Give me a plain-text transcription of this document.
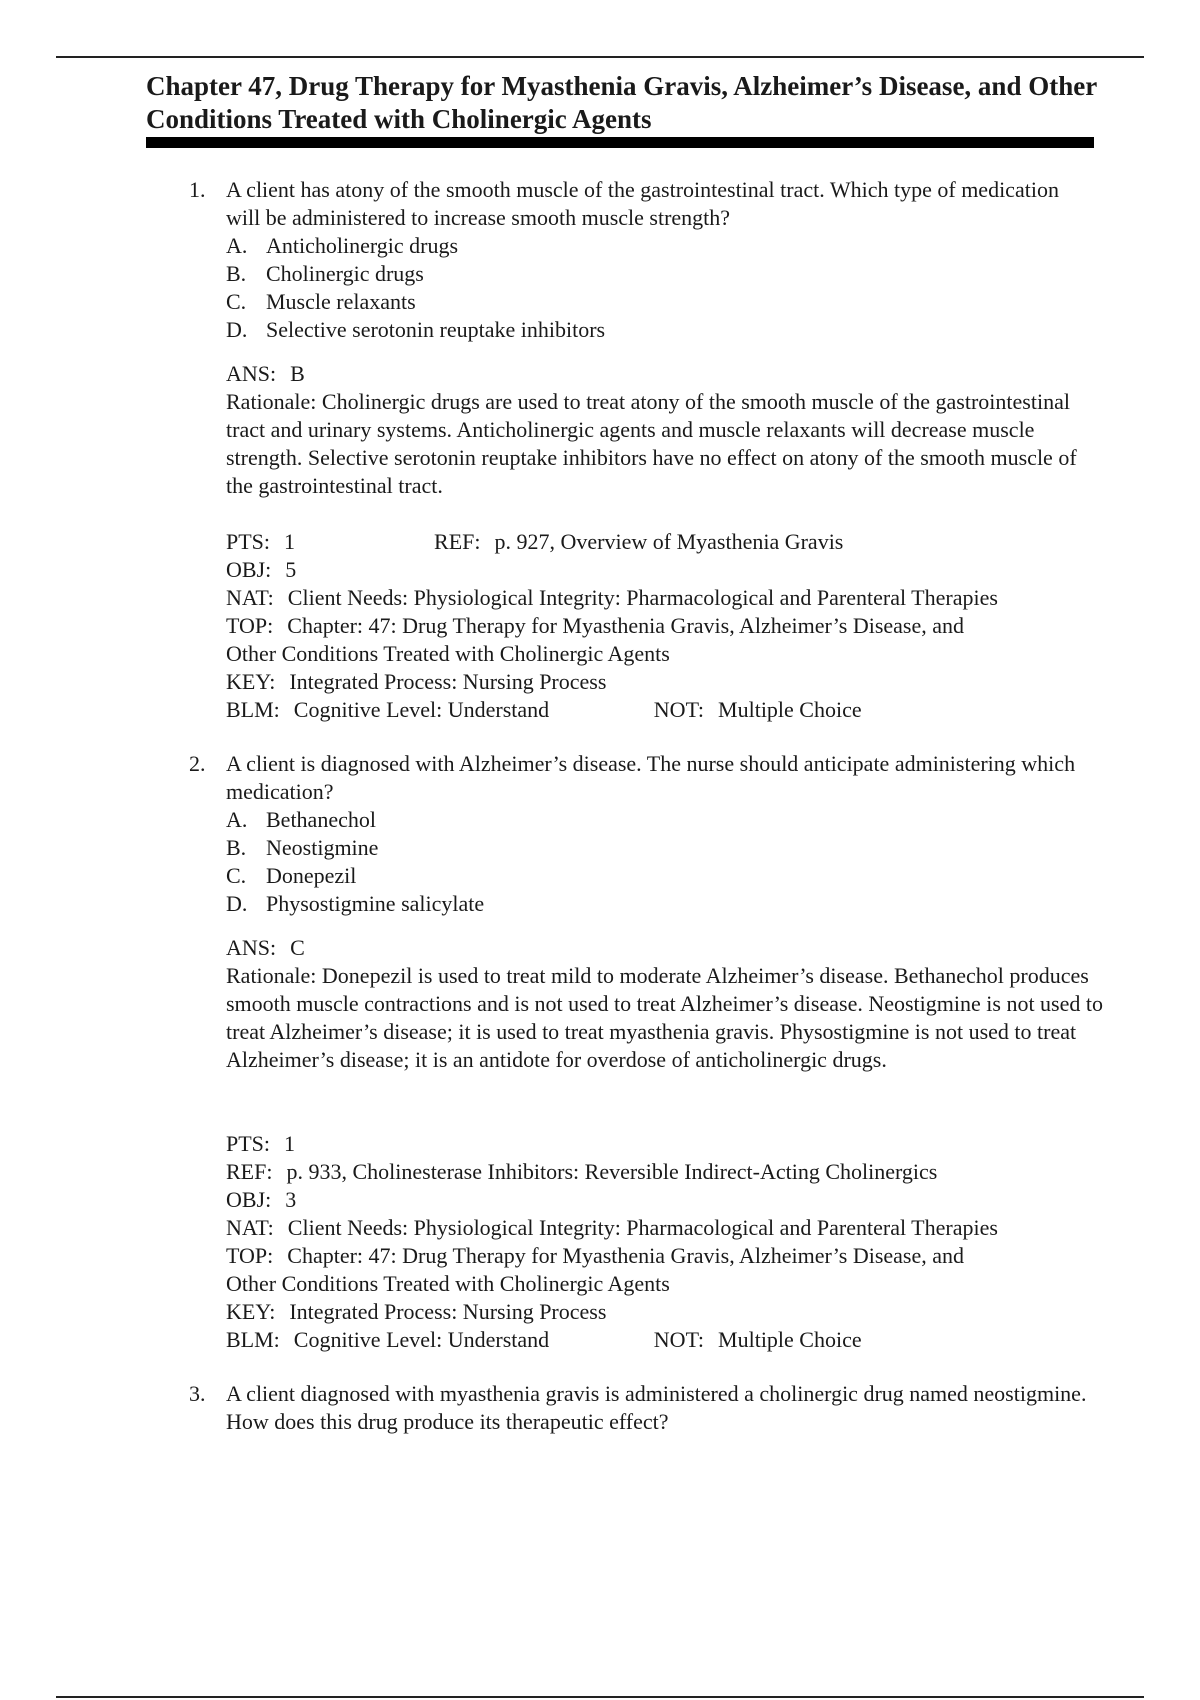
Chapter 47, Drug Therapy for Myasthenia Gravis, Alzheimer’s Disease, and Other Conditions Treated with Cholinergic Agents
1. A client has atony of the smooth muscle of the gastrointestinal tract. Which type of medication will be administered to increase smooth muscle strength?
A. Anticholinergic drugs
B. Cholinergic drugs
C. Muscle relaxants
D. Selective serotonin reuptake inhibitors
ANS: B
Rationale: Cholinergic drugs are used to treat atony of the smooth muscle of the gastrointestinal tract and urinary systems. Anticholinergic agents and muscle relaxants will decrease muscle strength. Selective serotonin reuptake inhibitors have no effect on atony of the smooth muscle of the gastrointestinal tract.
PTS: 1	REF: p. 927, Overview of Myasthenia Gravis
OBJ: 5
NAT: Client Needs: Physiological Integrity: Pharmacological and Parenteral Therapies
TOP: Chapter: 47: Drug Therapy for Myasthenia Gravis, Alzheimer’s Disease, and
Other Conditions Treated with Cholinergic Agents
KEY: Integrated Process: Nursing Process
BLM: Cognitive Level: Understand	NOT: Multiple Choice
2. A client is diagnosed with Alzheimer’s disease. The nurse should anticipate administering which medication?
A. Bethanechol
B. Neostigmine
C. Donepezil
D. Physostigmine salicylate
ANS: C
Rationale: Donepezil is used to treat mild to moderate Alzheimer’s disease. Bethanechol produces smooth muscle contractions and is not used to treat Alzheimer’s disease. Neostigmine is not used to treat Alzheimer’s disease; it is used to treat myasthenia gravis. Physostigmine is not used to treat Alzheimer’s disease; it is an antidote for overdose of anticholinergic drugs.
PTS: 1
REF: p. 933, Cholinesterase Inhibitors: Reversible Indirect-Acting Cholinergics
OBJ: 3
NAT: Client Needs: Physiological Integrity: Pharmacological and Parenteral Therapies
TOP: Chapter: 47: Drug Therapy for Myasthenia Gravis, Alzheimer’s Disease, and
Other Conditions Treated with Cholinergic Agents
KEY: Integrated Process: Nursing Process
BLM: Cognitive Level: Understand	NOT: Multiple Choice
3. A client diagnosed with myasthenia gravis is administered a cholinergic drug named neostigmine. How does this drug produce its therapeutic effect?
